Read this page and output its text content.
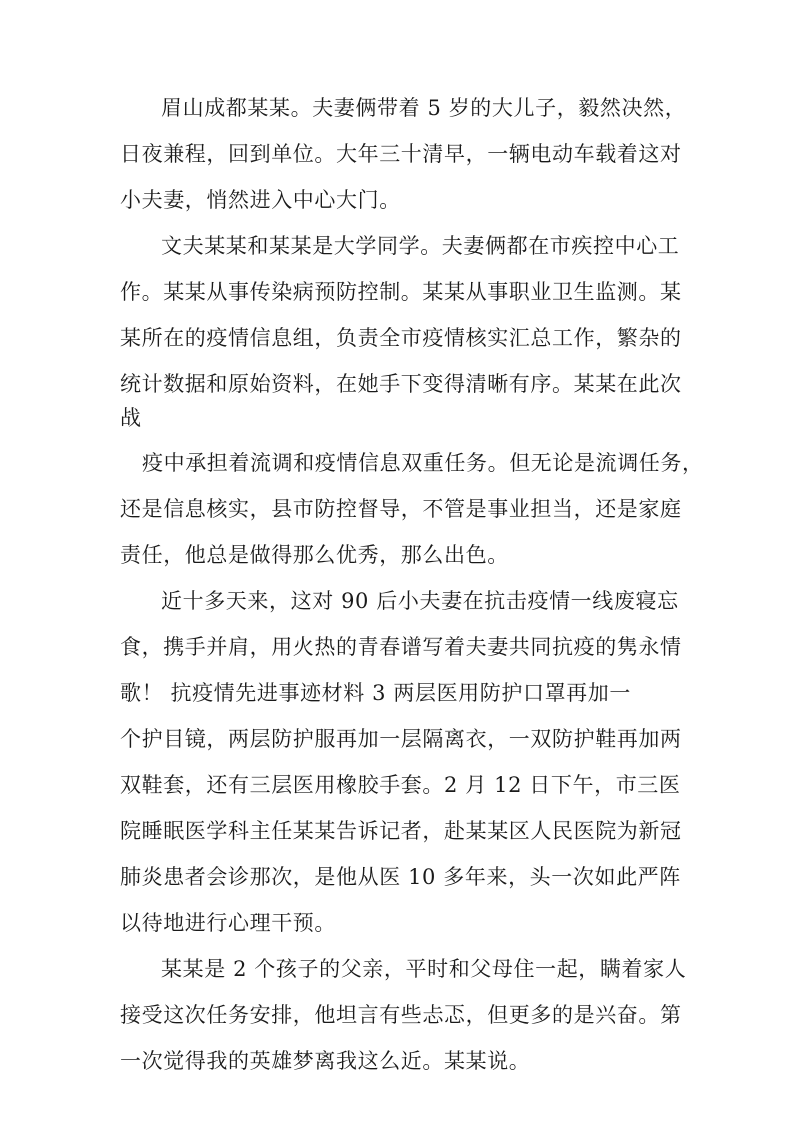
眉山成都某某。夫妻俩带着 5 岁的大儿子，毅然决然，

日夜兼程，回到单位。大年三十清早，一辆电动车载着这对

小夫妻，悄然进入中心大门。

文夫某某和某某是大学同学。夫妻俩都在市疾控中心工

作。某某从事传染病预防控制。某某从事职业卫生监测。某

某所在的疫情信息组，负责全市疫情核实汇总工作，繁杂的

统计数据和原始资料，在她手下变得清晰有序。某某在此次

战

疫中承担着流调和疫情信息双重任务。但无论是流调任务，

还是信息核实，县市防控督导，不管是事业担当，还是家庭

责任，他总是做得那么优秀，那么出色。

近十多天来，这对 90 后小夫妻在抗击疫情一线废寝忘

食，携手并肩，用火热的青春谱写着夫妻共同抗疫的隽永情

歌！ 抗疫情先进事迹材料 3 两层医用防护口罩再加一

个护目镜，两层防护服再加一层隔离衣，一双防护鞋再加两

双鞋套，还有三层医用橡胶手套。2 月 12 日下午，市三医

院睡眠医学科主任某某告诉记者，赴某某区人民医院为新冠

肺炎患者会诊那次，是他从医 10 多年来，头一次如此严阵

以待地进行心理干预。

某某是 2 个孩子的父亲，平时和父母住一起，瞒着家人

接受这次任务安排，他坦言有些忐忑，但更多的是兴奋。第

一次觉得我的英雄梦离我这么近。某某说。
